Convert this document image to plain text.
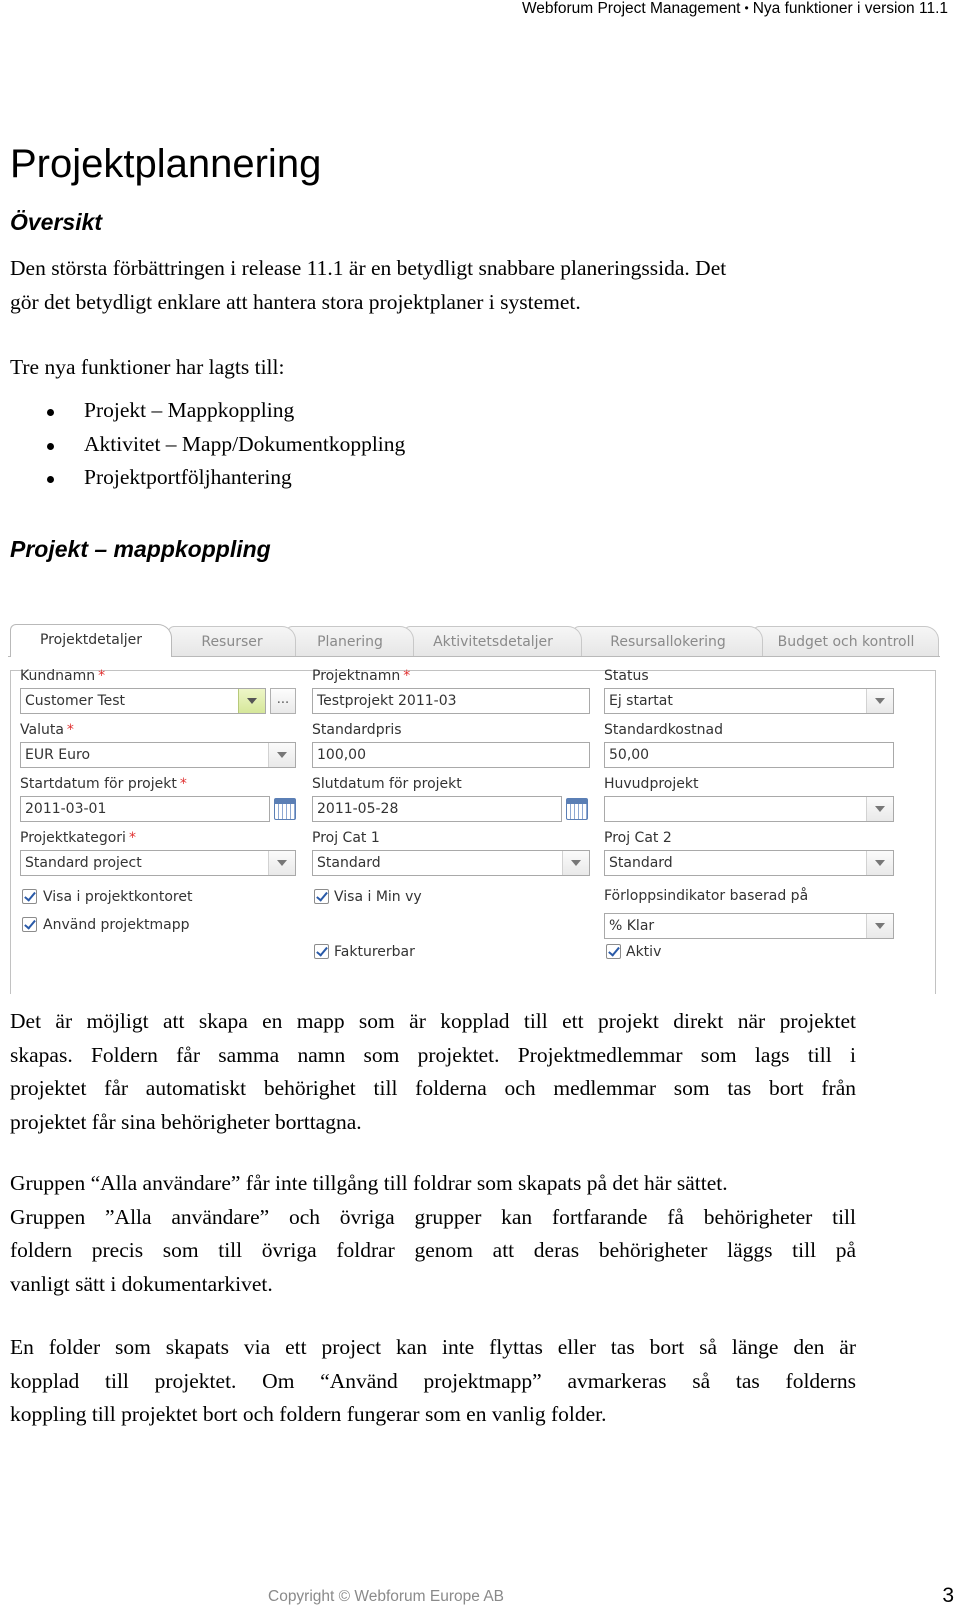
Webforum Project Management • Nya funktioner i version 11.1
Projektplannering
Översikt
Den största förbättringen i release 11.1 är en betydligt snabbare planeringssida. Det
gör det betydligt enklare att hantera stora projektplaner i systemet.
Tre nya funktioner har lagts till:
Projekt – Mappkoppling
Aktivitet – Mapp/Dokumentkoppling
Projektportföljhantering
Projekt – mappkoppling
Budget och kontroll
Resursallokering
Aktivitetsdetaljer
Planering
Resurser
Projektdetaljer
Kundnamn *
Customer Test	...
Projektnamn *
Testprojekt 2011-03
Status
Ej startat
Valuta *
EUR Euro
Standardpris
100,00
Standardkostnad
50,00
Startdatum för projekt *
2011-03-01
Slutdatum för projekt
2011-05-28
Huvudprojekt
Projektkategori *
Standard project
Proj Cat 1
Standard
Proj Cat 2
Standard
Visa i projektkontoret
Använd projektmapp
Visa i Min vy
Fakturerbar
Förloppsindikator baserad på
% Klar
Aktiv
Det är möjligt att skapa en mapp som är kopplad till ett projekt direkt när projektet
skapas. Foldern får samma namn som projektet. Projektmedlemmar som lags till i
projektet får automatiskt behörighet till folderna och medlemmar som tas bort från
projektet får sina behörigheter borttagna.
Gruppen “Alla användare” får inte tillgång till foldrar som skapats på det här sättet.
Gruppen ”Alla användare” och övriga grupper kan fortfarande få behörigheter till
foldern precis som till övriga foldrar genom att deras behörigheter läggs till på
vanligt sätt i dokumentarkivet.
En folder som skapats via ett project kan inte flyttas eller tas bort så länge den är
kopplad till projektet. Om “Använd projektmapp” avmarkeras så tas folderns
koppling till projektet bort och foldern fungerar som en vanlig folder.
Copyright © Webforum Europe AB	3
